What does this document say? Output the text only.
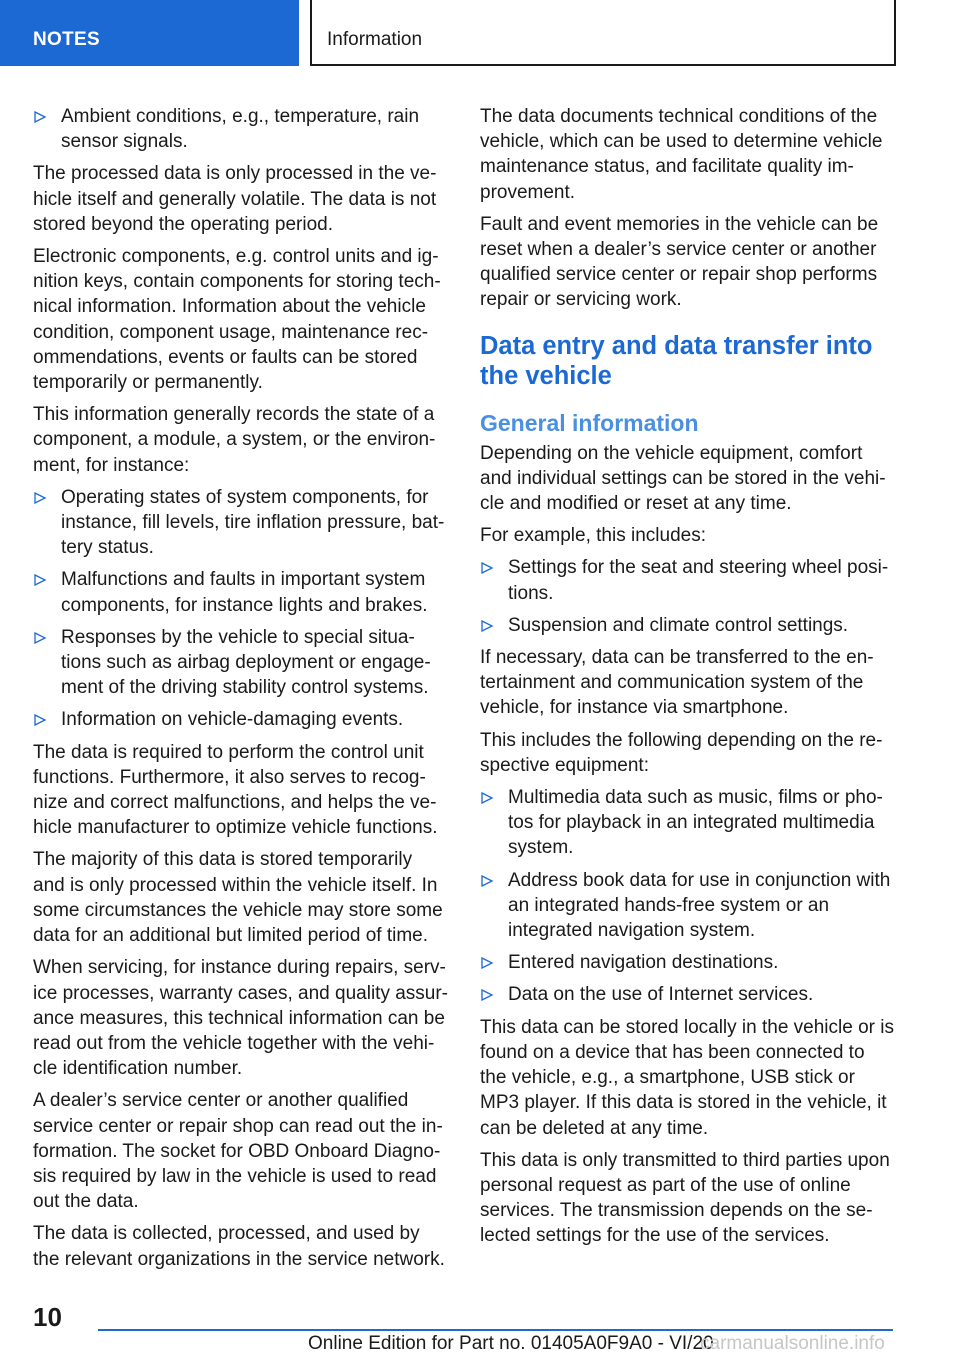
NOTES	Information
Ambient conditions, e.g., temperature, rain
sensor signals.
The processed data is only processed in the ve‐
hicle itself and generally volatile. The data is not
stored beyond the operating period.
Electronic components, e.g. control units and ig‐
nition keys, contain components for storing tech‐
nical information. Information about the vehicle
condition, component usage, maintenance rec‐
ommendations, events or faults can be stored
temporarily or permanently.
This information generally records the state of a
component, a module, a system, or the environ‐
ment, for instance:
Operating states of system components, for
instance, fill levels, tire inflation pressure, bat‐
tery status.
Malfunctions and faults in important system
components, for instance lights and brakes.
Responses by the vehicle to special situa‐
tions such as airbag deployment or engage‐
ment of the driving stability control systems.
Information on vehicle-damaging events.
The data is required to perform the control unit
functions. Furthermore, it also serves to recog‐
nize and correct malfunctions, and helps the ve‐
hicle manufacturer to optimize vehicle functions.
The majority of this data is stored temporarily
and is only processed within the vehicle itself. In
some circumstances the vehicle may store some
data for an additional but limited period of time.
When servicing, for instance during repairs, serv‐
ice processes, warranty cases, and quality assur‐
ance measures, this technical information can be
read out from the vehicle together with the vehi‐
cle identification number.
A dealer’s service center or another qualified
service center or repair shop can read out the in‐
formation. The socket for OBD Onboard Diagno‐
sis required by law in the vehicle is used to read
out the data.
The data is collected, processed, and used by
the relevant organizations in the service network.
The data documents technical conditions of the
vehicle, which can be used to determine vehicle
maintenance status, and facilitate quality im‐
provement.
Fault and event memories in the vehicle can be
reset when a dealer’s service center or another
qualified service center or repair shop performs
repair or servicing work.
Data entry and data transfer into
the vehicle
General information
Depending on the vehicle equipment, comfort
and individual settings can be stored in the vehi‐
cle and modified or reset at any time.
For example, this includes:
Settings for the seat and steering wheel posi‐
tions.
Suspension and climate control settings.
If necessary, data can be transferred to the en‐
tertainment and communication system of the
vehicle, for instance via smartphone.
This includes the following depending on the re‐
spective equipment:
Multimedia data such as music, films or pho‐
tos for playback in an integrated multimedia
system.
Address book data for use in conjunction with
an integrated hands-free system or an
integrated navigation system.
Entered navigation destinations.
Data on the use of Internet services.
This data can be stored locally in the vehicle or is
found on a device that has been connected to
the vehicle, e.g., a smartphone, USB stick or
MP3 player. If this data is stored in the vehicle, it
can be deleted at any time.
This data is only transmitted to third parties upon
personal request as part of the use of online
services. The transmission depends on the se‐
lected settings for the use of the services.
10
Online Edition for Part no. 01405A0F9A0 - VI/20
carmanualsonline.info
